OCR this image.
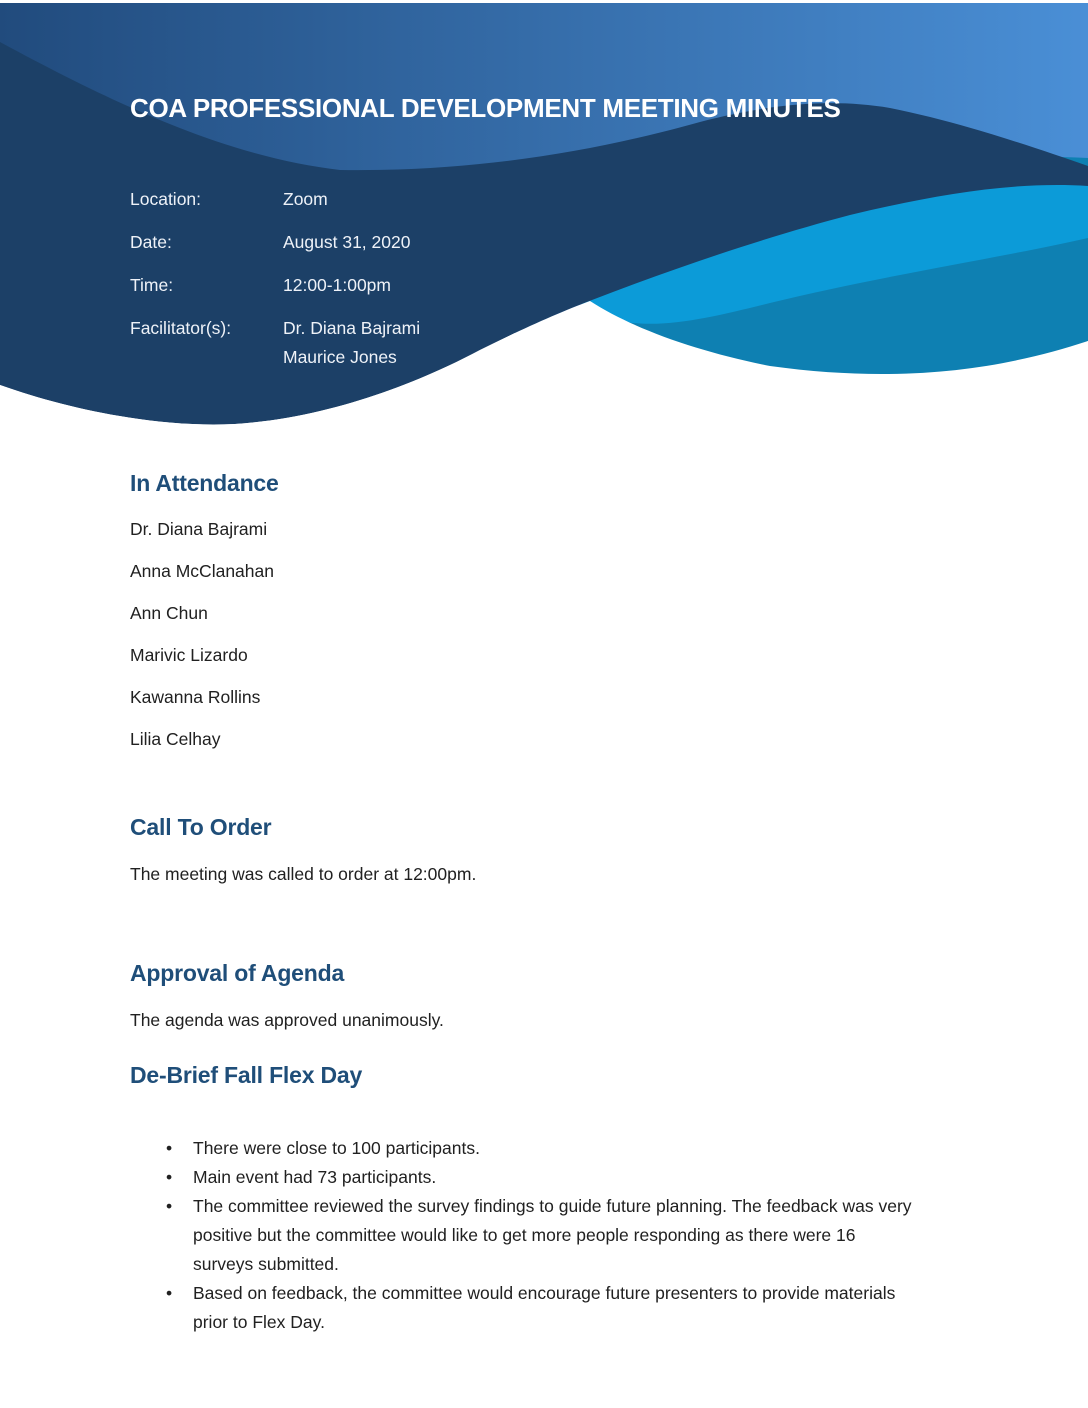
COA PROFESSIONAL DEVELOPMENT MEETING MINUTES
Location:	Zoom
Date:	August 31, 2020
Time:	12:00-1:00pm
Facilitator(s):	Dr. Diana Bajrami
Maurice Jones
In Attendance
Dr. Diana Bajrami
Anna McClanahan
Ann Chun
Marivic Lizardo
Kawanna Rollins
Lilia Celhay
Call To Order
The meeting was called to order at 12:00pm.
Approval of Agenda
The agenda was approved unanimously.
De-Brief Fall Flex Day
• There were close to 100 participants.
• Main event had 73 participants.
• The committee reviewed the survey findings to guide future planning. The feedback was very positive but the committee would like to get more people responding as there were 16 surveys submitted.
• Based on feedback, the committee would encourage future presenters to provide materials prior to Flex Day.
